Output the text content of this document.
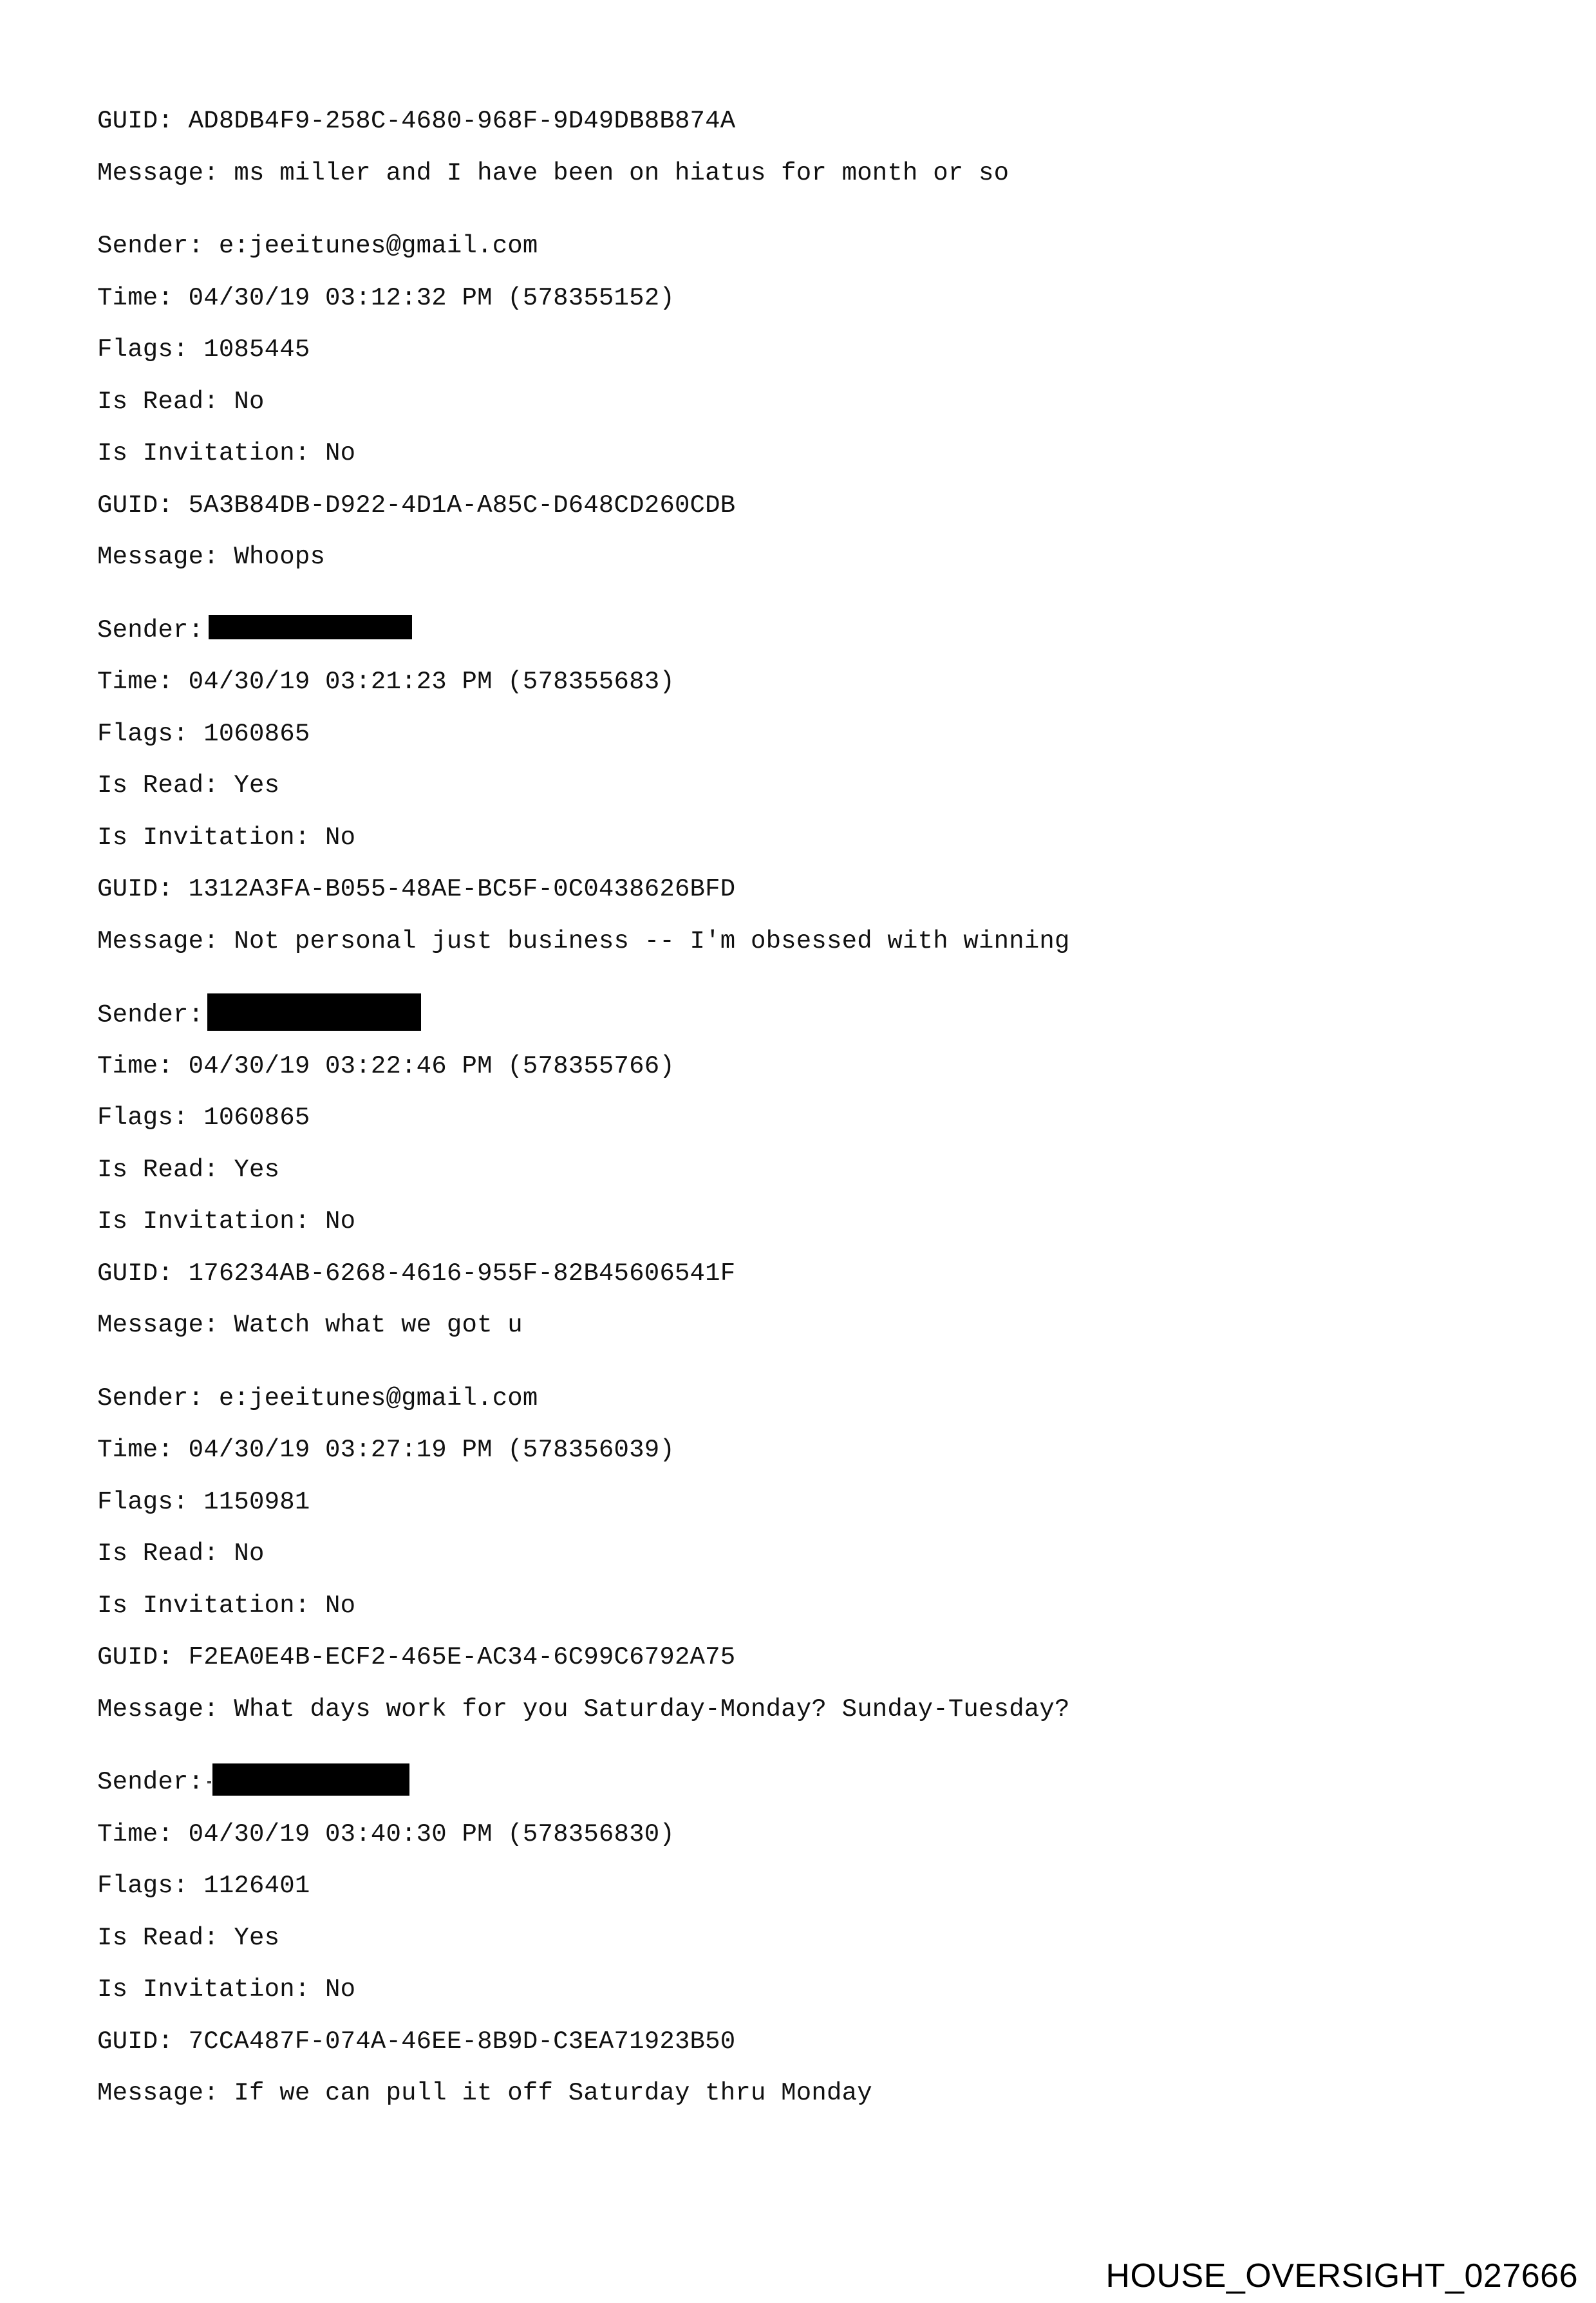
GUID: AD8DB4F9-258C-4680-968F-9D49DB8B874A
Message: ms miller and I have been on hiatus for month or so
Sender: e:jeeitunes@gmail.com
Time: 04/30/19 03:12:32 PM (578355152)
Flags: 1085445
Is Read: No
Is Invitation: No
GUID: 5A3B84DB-D922-4D1A-A85C-D648CD260CDB
Message: Whoops
Sender:
Time: 04/30/19 03:21:23 PM (578355683)
Flags: 1060865
Is Read: Yes
Is Invitation: No
GUID: 1312A3FA-B055-48AE-BC5F-0C0438626BFD
Message: Not personal just business -- I'm obsessed with winning
Sender:
Time: 04/30/19 03:22:46 PM (578355766)
Flags: 1060865
Is Read: Yes
Is Invitation: No
GUID: 176234AB-6268-4616-955F-82B45606541F
Message: Watch what we got u
Sender: e:jeeitunes@gmail.com
Time: 04/30/19 03:27:19 PM (578356039)
Flags: 1150981
Is Read: No
Is Invitation: No
GUID: F2EA0E4B-ECF2-465E-AC34-6C99C6792A75
Message: What days work for you Saturday-Monday? Sunday-Tuesday?
Sender:
Time: 04/30/19 03:40:30 PM (578356830)
Flags: 1126401
Is Read: Yes
Is Invitation: No
GUID: 7CCA487F-074A-46EE-8B9D-C3EA71923B50
Message: If we can pull it off Saturday thru Monday
HOUSE_OVERSIGHT_027666
